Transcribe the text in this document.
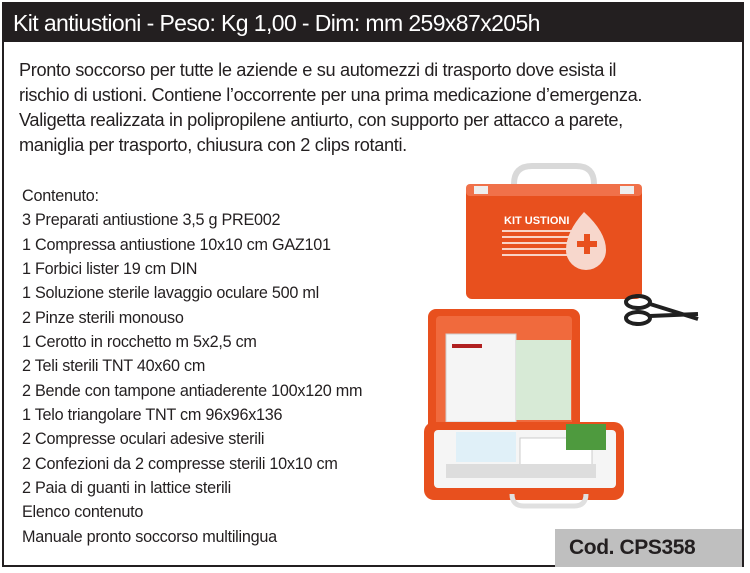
Kit antiustioni - Peso: Kg 1,00 - Dim: mm 259x87x205h
Pronto soccorso per tutte le aziende e su automezzi di trasporto dove esista il
rischio di ustioni. Contiene l’occorrente per una prima medicazione d’emergenza.
Valigetta realizzata in polipropilene antiurto, con supporto per attacco a parete,
maniglia per trasporto, chiusura con 2 clips rotanti.
Contenuto:
3 Preparati antiustione 3,5 g PRE002
1 Compressa antiustione 10x10 cm GAZ101
1 Forbici lister 19 cm DIN
1 Soluzione sterile lavaggio oculare 500 ml
2 Pinze sterili monouso
1 Cerotto in rocchetto m 5x2,5 cm
2 Teli sterili TNT 40x60 cm
2 Bende con tampone antiaderente 100x120 mm
1 Telo triangolare TNT cm 96x96x136
2 Compresse oculari adesive sterili
2 Confezioni da 2 compresse sterili 10x10 cm
2 Paia di guanti in lattice sterili
Elenco contenuto
Manuale pronto soccorso multilingua
KIT USTIONI
Cod. CPS358
